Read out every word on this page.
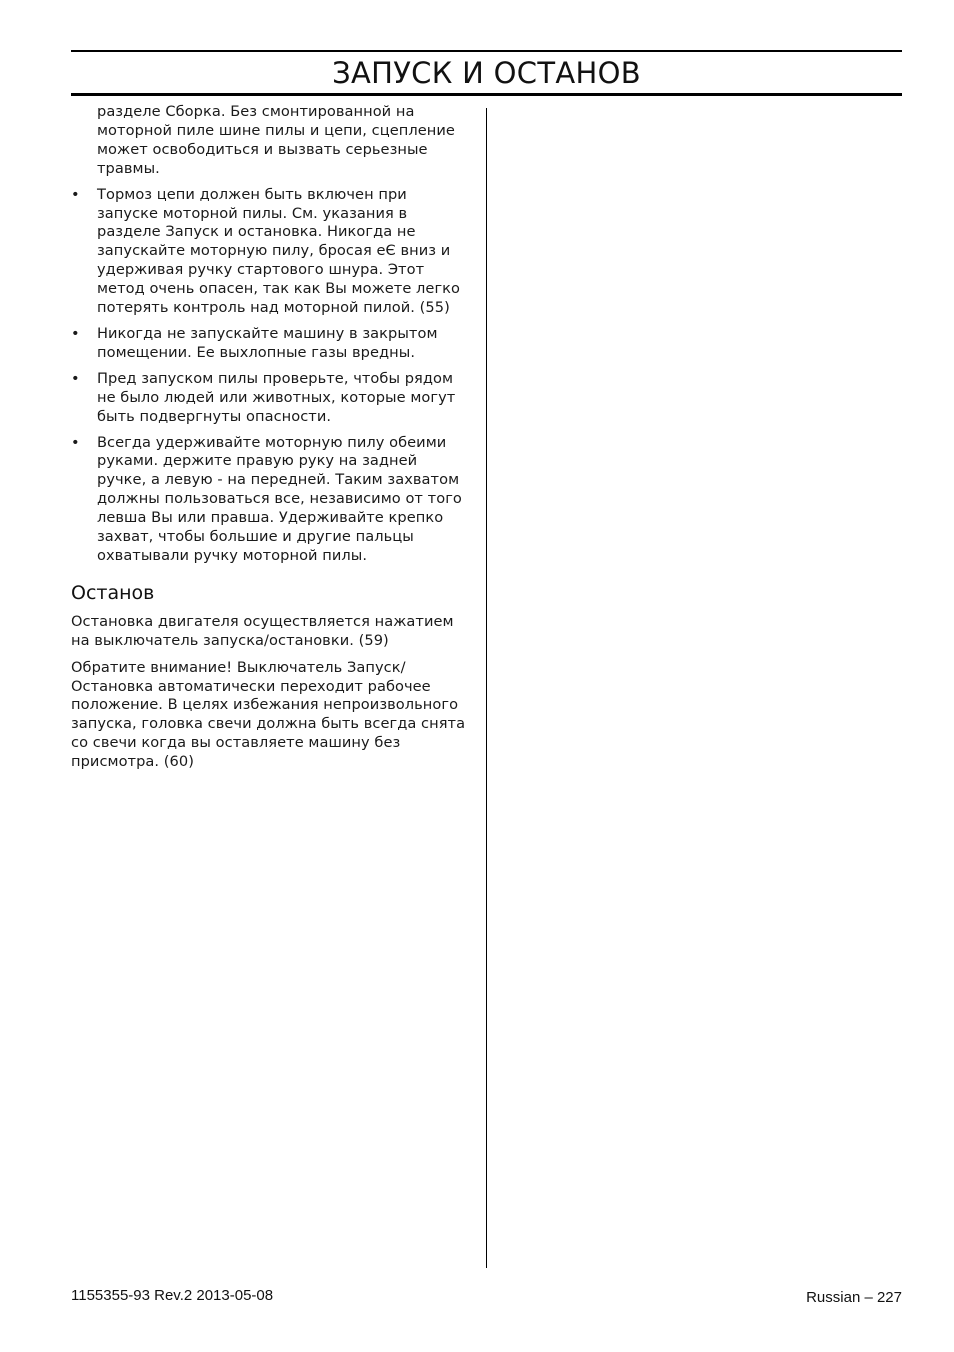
ЗАПУСК И ОСТАНОВ

разделе Сборка. Без смонтированной на моторной пиле шине пилы и цепи, сцепление может освободиться и вызвать серьезные травмы.

• Тормоз цепи должен быть включен при запуске моторной пилы. См. указания в разделе Запуск и остановка. Никогда не запускайте моторную пилу, бросая еЄ вниз и удерживая ручку стартового шнура. Этот метод очень опасен, так как Вы можете легко потерять контроль над моторной пилой. (55)
• Никогда не запускайте машину в закрытом помещении. Ее выхлопные газы вредны.
• Пред запуском пилы проверьте, чтобы рядом не было людей или животных, которые могут быть подвергнуты опасности.
• Всегда удерживайте моторную пилу обеими руками. держите правую руку на задней ручке, а левую - на передней. Таким захватом должны пользоваться все, независимо от того левша Вы или правша. Удерживайте крепко захват, чтобы большие и другие пальцы охватывали ручку моторной пилы.
Останов

Остановка двигателя осуществляется нажатием на выключатель запуска/остановки. (59)

Обратите внимание! Выключатель Запуск/Остановка автоматически переходит рабочее положение. В целях избежания непроизвольного запуска, головка свечи должна быть всегда снята со свечи когда вы оставляете машину без присмотра. (60)

1155355-93 Rev.2 2013-05-08	Russian – 227
